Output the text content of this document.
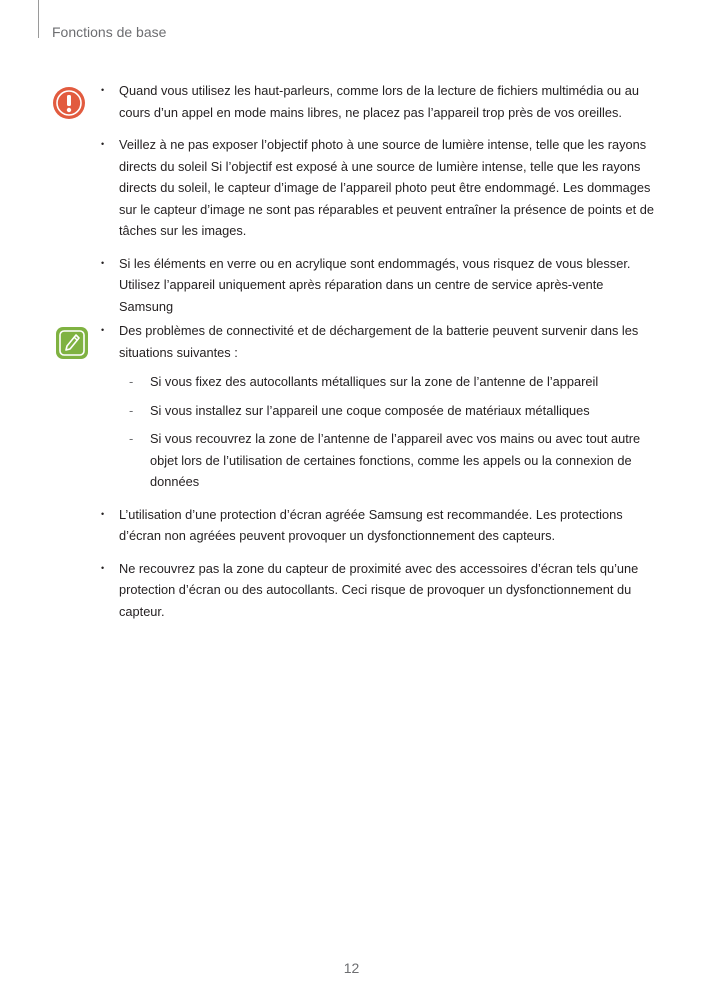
Fonctions de base
• Quand vous utilisez les haut-parleurs, comme lors de la lecture de fichiers multimédia ou au cours d’un appel en mode mains libres, ne placez pas l’appareil trop près de vos oreilles.
• Veillez à ne pas exposer l’objectif photo à une source de lumière intense, telle que les rayons directs du soleil Si l’objectif est exposé à une source de lumière intense, telle que les rayons directs du soleil, le capteur d’image de l’appareil photo peut être endommagé. Les dommages sur le capteur d’image ne sont pas réparables et peuvent entraîner la présence de points et de tâches sur les images.
• Si les éléments en verre ou en acrylique sont endommagés, vous risquez de vous blesser. Utilisez l’appareil uniquement après réparation dans un centre de service après-vente Samsung
• Des problèmes de connectivité et de déchargement de la batterie peuvent survenir dans les situations suivantes :
- Si vous fixez des autocollants métalliques sur la zone de l’antenne de l’appareil
- Si vous installez sur l’appareil une coque composée de matériaux métalliques
- Si vous recouvrez la zone de l’antenne de l’appareil avec vos mains ou avec tout autre objet lors de l’utilisation de certaines fonctions, comme les appels ou la connexion de données
• L’utilisation d’une protection d’écran agréée Samsung est recommandée. Les protections d’écran non agréées peuvent provoquer un dysfonctionnement des capteurs.
• Ne recouvrez pas la zone du capteur de proximité avec des accessoires d’écran tels qu’une protection d’écran ou des autocollants. Ceci risque de provoquer un dysfonctionnement du capteur.
12
